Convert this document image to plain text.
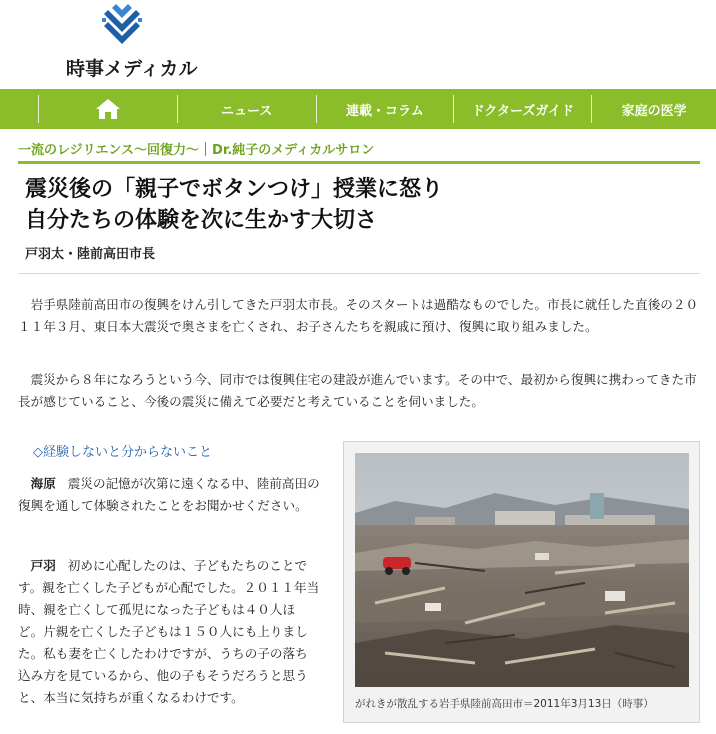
時事メディカル
ニュース	連載・コラム	ドクターズガイド	家庭の医学
一流のレジリエンス〜回復力〜｜Dr.純子のメディカルサロン
震災後の「親子でボタンつけ」授業に怒り
自分たちの体験を次に生かす大切さ
戸羽太・陸前高田市長

岩手県陸前高田市の復興をけん引してきた戸羽太市長。そのスタートは過酷なものでした。市長に就任した直後の２０１１年３月、東日本大震災で奥さまを亡くされ、お子さんたちを親戚に預け、復興に取り組みました。

震災から８年になろうという今、同市では復興住宅の建設が進んでいます。その中で、最初から復興に携わってきた市長が感じていること、今後の震災に備えて必要だと考えていることを伺いました。

◇経験しないと分からないこと

海原 震災の記憶が次第に遠くなる中、陸前高田の復興を通して体験されたことをお聞かせください。

戸羽 初めに心配したのは、子どもたちのことです。親を亡くした子どもが心配でした。２０１１年当時、親を亡くして孤児になった子どもは４０人ほど。片親を亡くした子どもは１５０人にも上りました。私も妻を亡くしたわけですが、うちの子の落ち込み方を見ているから、他の子もそうだろうと思うと、本当に気持ちが重くなるわけです。	がれきが散乱する岩手県陸前高田市＝2011年3月13日（時事）
